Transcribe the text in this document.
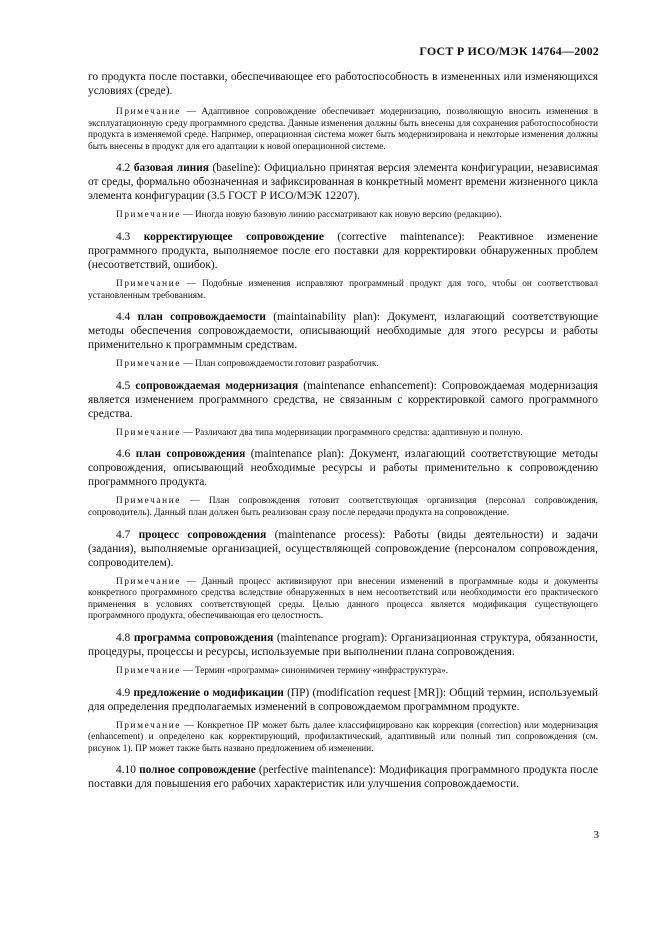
ГОСТ Р ИСО/МЭК 14764—2002

го продукта после поставки, обеспечивающее его работоспособность в измененных или изменяющихся условиях (среде).

Примечание — Адаптивное сопровождение обеспечивает модернизацию, позволяющую вносить изменения в эксплуатационную среду программного средства. Данные изменения должны быть внесены для сохранения работоспособности продукта в изменяемой среде. Например, операционная система может быть модернизирована и некоторые изменения должны быть внесены в продукт для его адаптации к новой операционной системе.

4.2 базовая линия (baseline): Официально принятая версия элемента конфигурации, независимая от среды, формально обозначенная и зафиксированная в конкретный момент времени жизненного цикла элемента конфигурации (3.5 ГОСТ Р ИСО/МЭК 12207).

Примечание — Иногда новую базовую линию рассматривают как новую версию (редакцию).

4.3 корректирующее сопровождение (corrective maintenance): Реактивное изменение программного продукта, выполняемое после его поставки для корректировки обнаруженных проблем (несоответствий, ошибок).

Примечание — Подобные изменения исправляют программный продукт для того, чтобы он соответствовал установленным требованиям.

4.4 план сопровождаемости (maintainability plan): Документ, излагающий соответствующие методы обеспечения сопровождаемости, описывающий необходимые для этого ресурсы и работы применительно к программным средствам.

Примечание — План сопровождаемости готовит разработчик.

4.5 сопровождаемая модернизация (maintenance enhancement): Сопровождаемая модернизация является изменением программного средства, не связанным с корректировкой самого программного средства.

Примечание — Различают два типа модернизации программного средства: адаптивную и полную.

4.6 план сопровождения (maintenance plan): Документ, излагающий соответствующие методы сопровождения, описывающий необходимые ресурсы и работы применительно к сопровождению программного продукта.

Примечание — План сопровождения готовит соответствующая организация (персонал сопровождения, сопроводитель). Данный план должен быть реализован сразу после передачи продукта на сопровождение.

4.7 процесс сопровождения (maintenance process): Работы (виды деятельности) и задачи (задания), выполняемые организацией, осуществляющей сопровождение (персоналом сопровождения, сопроводителем).

Примечание — Данный процесс активизируют при внесении изменений в программные коды и документы конкретного программного средства вследствие обнаруженных в нем несоответствий или необходимости его практического применения в условиях соответствующей среды. Целью данного процесса является модификация существующего программного продукта, обеспечивающая его целостность.

4.8 программа сопровождения (maintenance program): Организационная структура, обязанности, процедуры, процессы и ресурсы, используемые при выполнении плана сопровождения.

Примечание — Термин «программа» синонимичен термину «инфраструктура».

4.9 предложение о модификации (ПР) (modification request [MR]): Общий термин, используемый для определения предполагаемых изменений в сопровождаемом программном продукте.

Примечание — Конкретное ПР может быть далее классифицировано как коррекция (correction) или модернизация (enhancement) и определено как корректирующий, профилактический, адаптивный или полный тип сопровождения (см. рисунок 1). ПР может также быть названо предложением об изменении.

4.10 полное сопровождение (perfective maintenance): Модификация программного продукта после поставки для повышения его рабочих характеристик или улучшения сопровождаемости.

3
